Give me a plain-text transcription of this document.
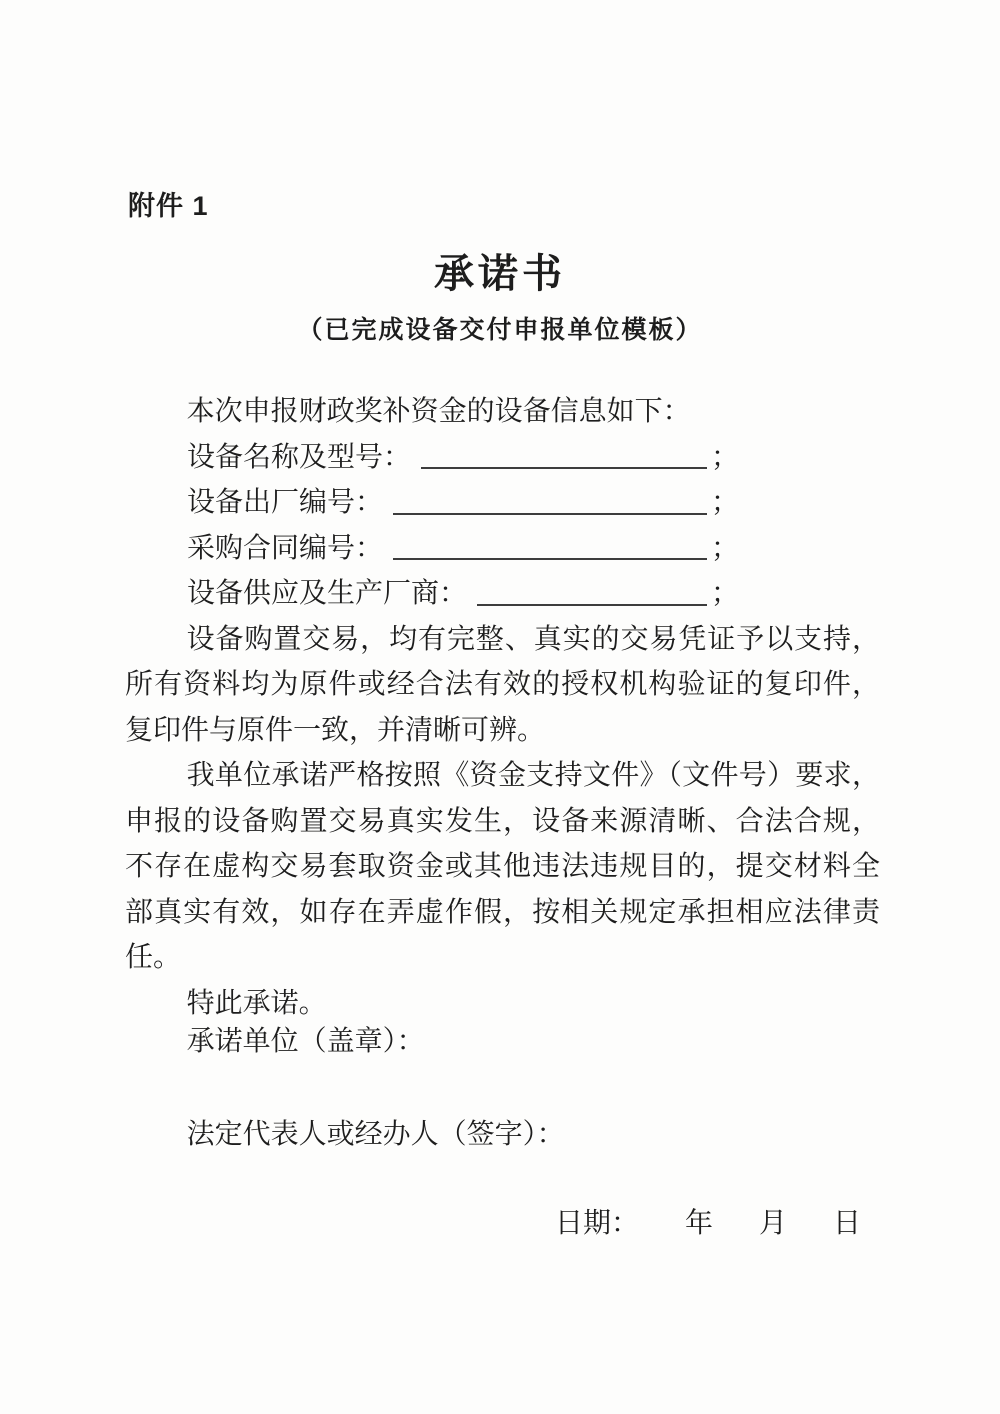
附件 1
承诺书
（已完成设备交付申报单位模板）

本次申报财政奖补资金的设备信息如下：

设备名称及型号：	；
设备出厂编号：	；
采购合同编号：	；
设备供应及生产厂商：	；

设备购置交易，均有完整、真实的交易凭证予以支持，所有资料均为原件或经合法有效的授权机构验证的复印件，复印件与原件一致，并清晰可辨。

我单位承诺严格按照《资金支持文件》（文件号）要求，申报的设备购置交易真实发生，设备来源清晰、合法合规，不存在虚构交易套取资金或其他违法违规目的，提交材料全部真实有效，如存在弄虚作假，按相关规定承担相应法律责任。

特此承诺。

承诺单位（盖章）：
法定代表人或经办人（签字）：
日期： 年 月 日
